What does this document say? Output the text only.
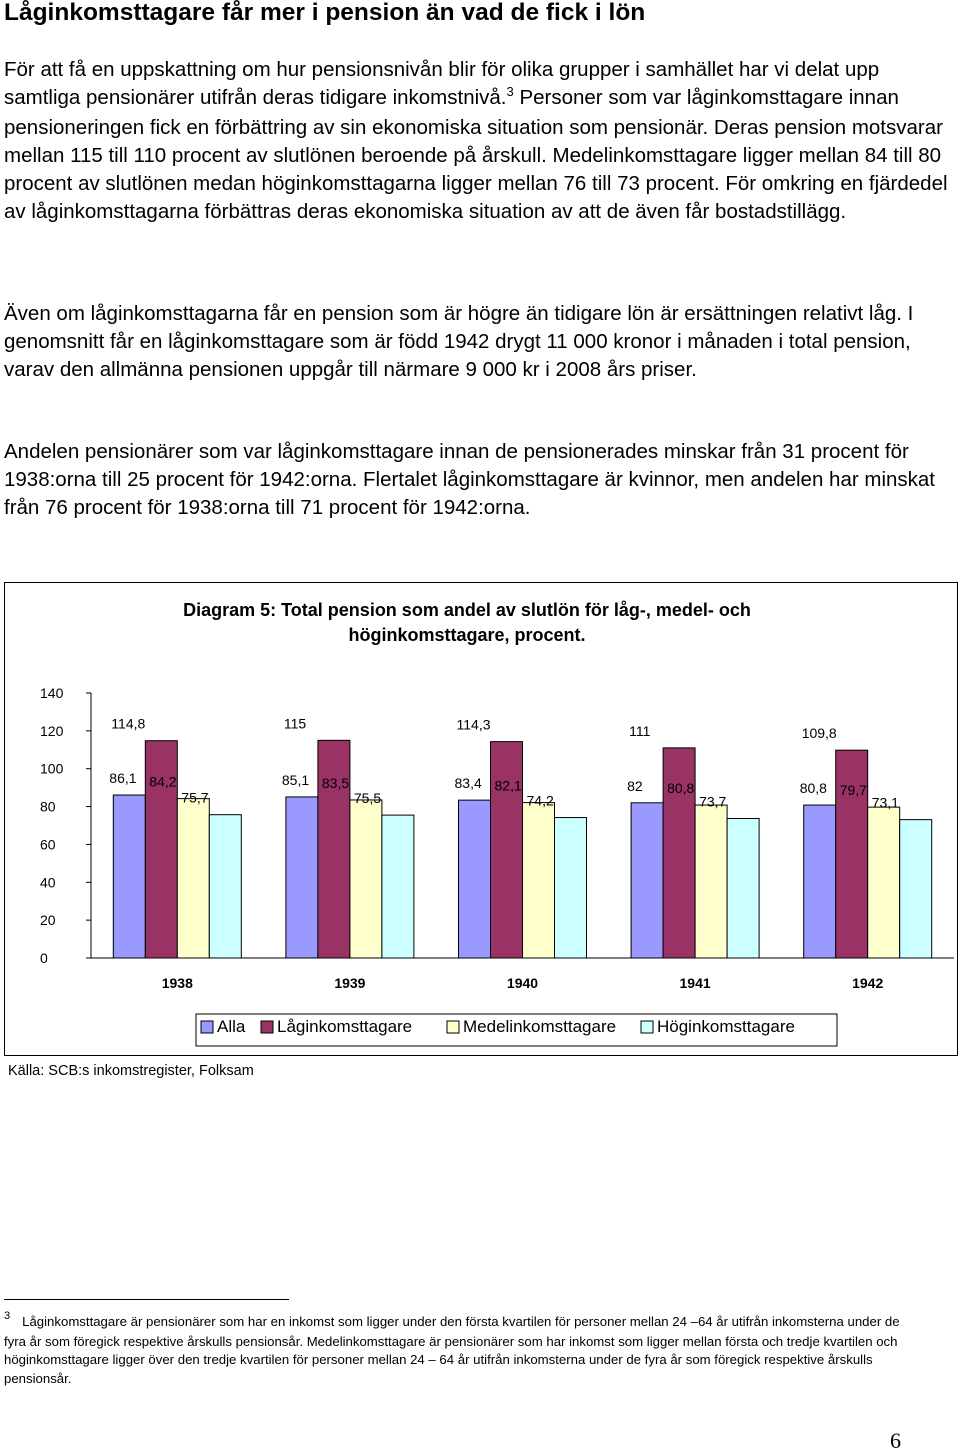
Låginkomsttagare får mer i pension än vad de fick i lön

För att få en uppskattning om hur pensionsnivån blir för olika grupper i samhället har vi delat upp samtliga pensionärer utifrån deras tidigare inkomstnivå.$^3$ Personer som var låginkomsttagare innan pensioneringen fick en förbättring av sin ekonomiska situation som pensionär. Deras pension motsvarar mellan 115 till 110 procent av slutlönen beroende på årskull. Medelinkomsttagare ligger mellan 84 till 80 procent av slutlönen medan höginkomsttagarna ligger mellan 76 till 73 procent. För omkring en fjärdedel av låginkomsttagarna förbättras deras ekonomiska situation av att de även får bostadstillägg.

Även om låginkomsttagarna får en pension som är högre än tidigare lön är ersättningen relativt låg. I genomsnitt får en låginkomsttagare som är född 1942 drygt 11 000 kronor i månaden i total pension, varav den allmänna pensionen uppgår till närmare 9 000 kr i 2008 års priser.

Andelen pensionärer som var låginkomsttagare innan de pensionerades minskar från 31 procent för 1938:orna till 25 procent för 1942:orna. Flertalet låginkomsttagare är kvinnor, men andelen har minskat från 76 procent för 1938:orna till 71 procent för 1942:orna.

Diagram 5: Total pension som andel av slutlön för låg-, medel- och
höginkomsttagare, procent.
0
20
40
60
80
100
120
140
86,1
114,8
84,2
75,7
1938
85,1
115
83,5
75,5
1939
83,4
114,3
82,1
74,2
1940
82
111
80,8
73,7
1941
80,8
109,8
79,7
73,1
1942
Alla Låginkomsttagare	Medelinkomsttagare Höginkomsttagare
Källa: SCB:s inkomstregister, Folksam

$^3$ Låginkomsttagare är pensionärer som har en inkomst som ligger under den första kvartilen för personer mellan 24 –64 år utifrån inkomsterna under de fyra år som föregick respektive årskulls pensionsår. Medelinkomsttagare är pensionärer som har inkomst som ligger mellan första och tredje kvartilen och höginkomsttagare ligger över den tredje kvartilen för personer mellan 24 – 64 år utifrån inkomsterna under de fyra år som föregick respektive årskulls pensionsår.

6
